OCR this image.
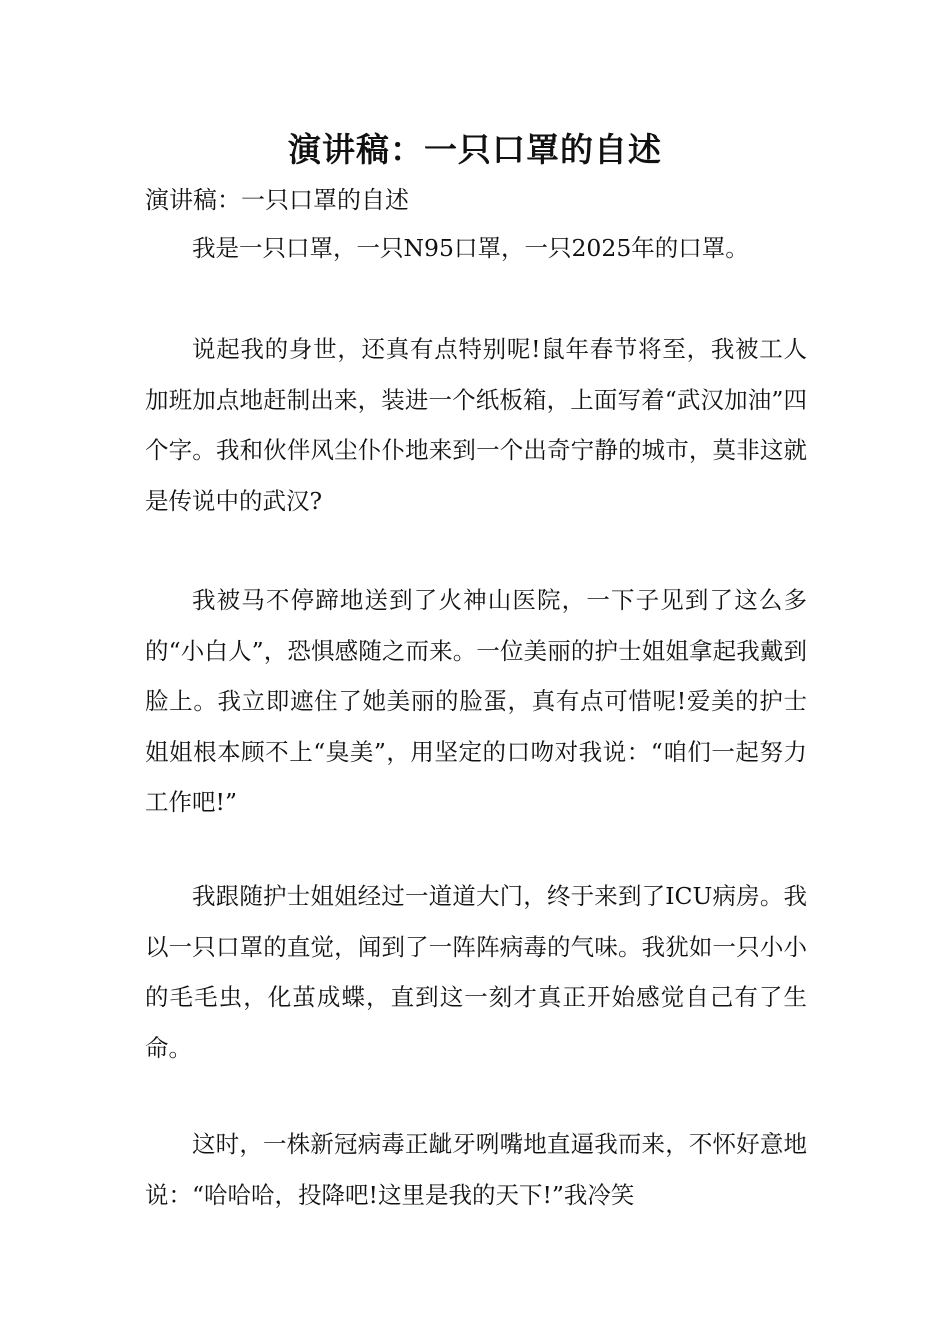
演讲稿：一只口罩的自述
演讲稿：一只口罩的自述

我是一只口罩，一只N95口罩，一只2025年的口罩。

说起我的身世，还真有点特别呢!鼠年春节将至，我被工人加班加点地赶制出来，装进一个纸板箱，上面写着“武汉加油”四个字。我和伙伴风尘仆仆地来到一个出奇宁静的城市，莫非这就是传说中的武汉?

我被马不停蹄地送到了火神山医院，一下子见到了这么多的“小白人”，恐惧感随之而来。一位美丽的护士姐姐拿起我戴到脸上。我立即遮住了她美丽的脸蛋，真有点可惜呢!爱美的护士姐姐根本顾不上“臭美”，用坚定的口吻对我说：“咱们一起努力工作吧!”

我跟随护士姐姐经过一道道大门，终于来到了ICU病房。我以一只口罩的直觉，闻到了一阵阵病毒的气味。我犹如一只小小的毛毛虫，化茧成蝶，直到这一刻才真正开始感觉自己有了生命。

这时，一株新冠病毒正龇牙咧嘴地直逼我而来，不怀好意地说：“哈哈哈，投降吧!这里是我的天下!”我冷笑
